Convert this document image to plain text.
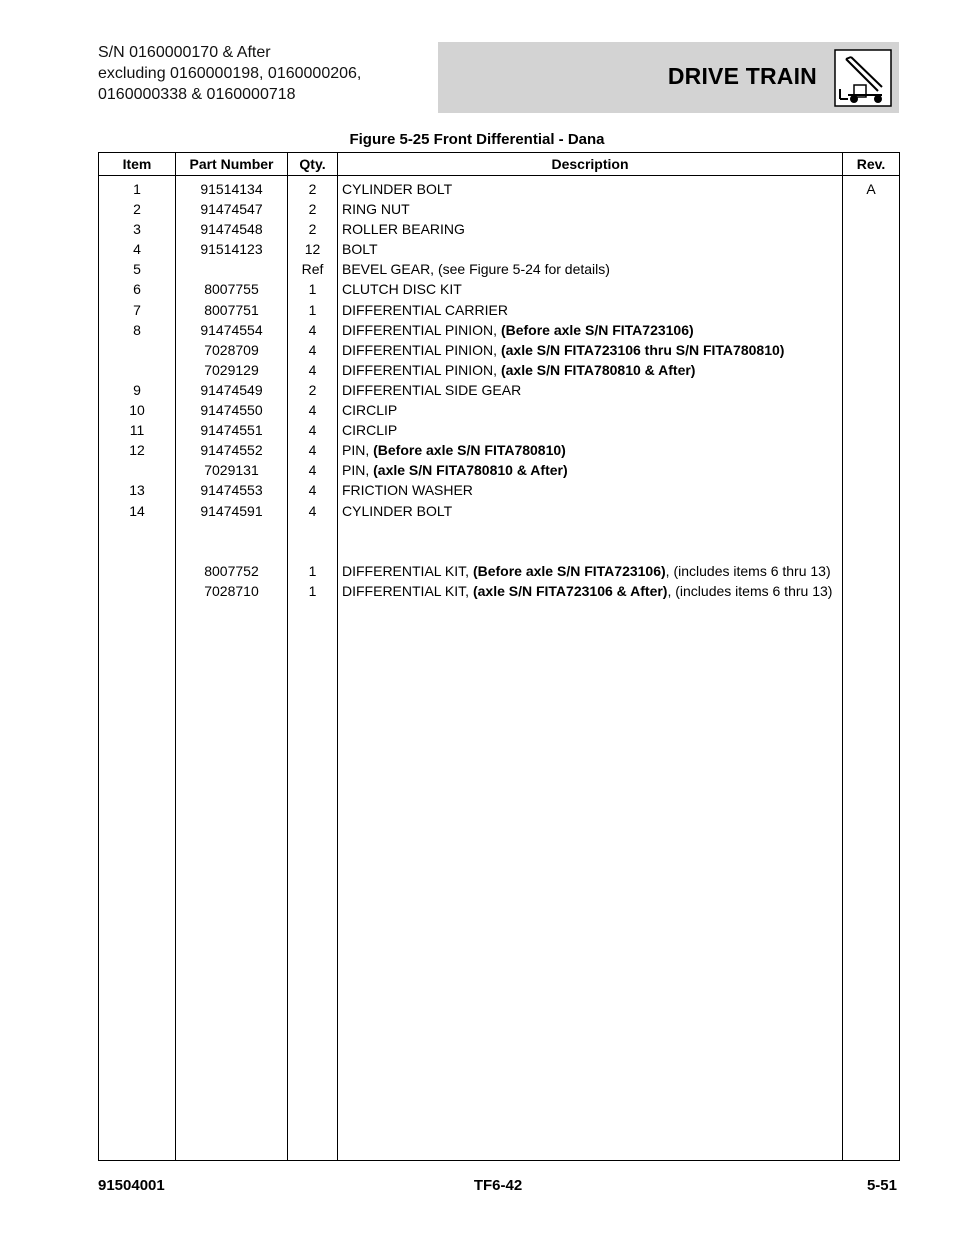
S/N 0160000170 & After
excluding 0160000198, 0160000206,
0160000338 & 0160000718
DRIVE TRAIN
Figure 5-25 Front Differential - Dana
Item	Part Number	Qty.	Description	Rev.
1	91514134	2	CYLINDER BOLT	A
2	91474547	2	RING NUT	
3	91474548	2	ROLLER BEARING	
4	91514123	12	BOLT	
5		Ref	BEVEL GEAR, (see Figure 5-24 for details)	
6	8007755	1	CLUTCH DISC KIT	
7	8007751	1	DIFFERENTIAL CARRIER	
8	91474554	4	DIFFERENTIAL PINION, (Before axle S/N FITA723106)	
	7028709	4	DIFFERENTIAL PINION, (axle S/N FITA723106 thru S/N FITA780810)	
	7029129	4	DIFFERENTIAL PINION, (axle S/N FITA780810 & After)	
9	91474549	2	DIFFERENTIAL SIDE GEAR	
10	91474550	4	CIRCLIP	
11	91474551	4	CIRCLIP	
12	91474552	4	PIN, (Before axle S/N FITA780810)	
	7029131	4	PIN, (axle S/N FITA780810 & After)	
13	91474553	4	FRICTION WASHER	
14	91474591	4	CYLINDER BOLT	

	8007752	1	DIFFERENTIAL KIT, (Before axle S/N FITA723106), (includes items 6 thru 13)	
	7028710	1	DIFFERENTIAL KIT, (axle S/N FITA723106 & After), (includes items 6 thru 13)	

91504001	TF6-42	5-51
